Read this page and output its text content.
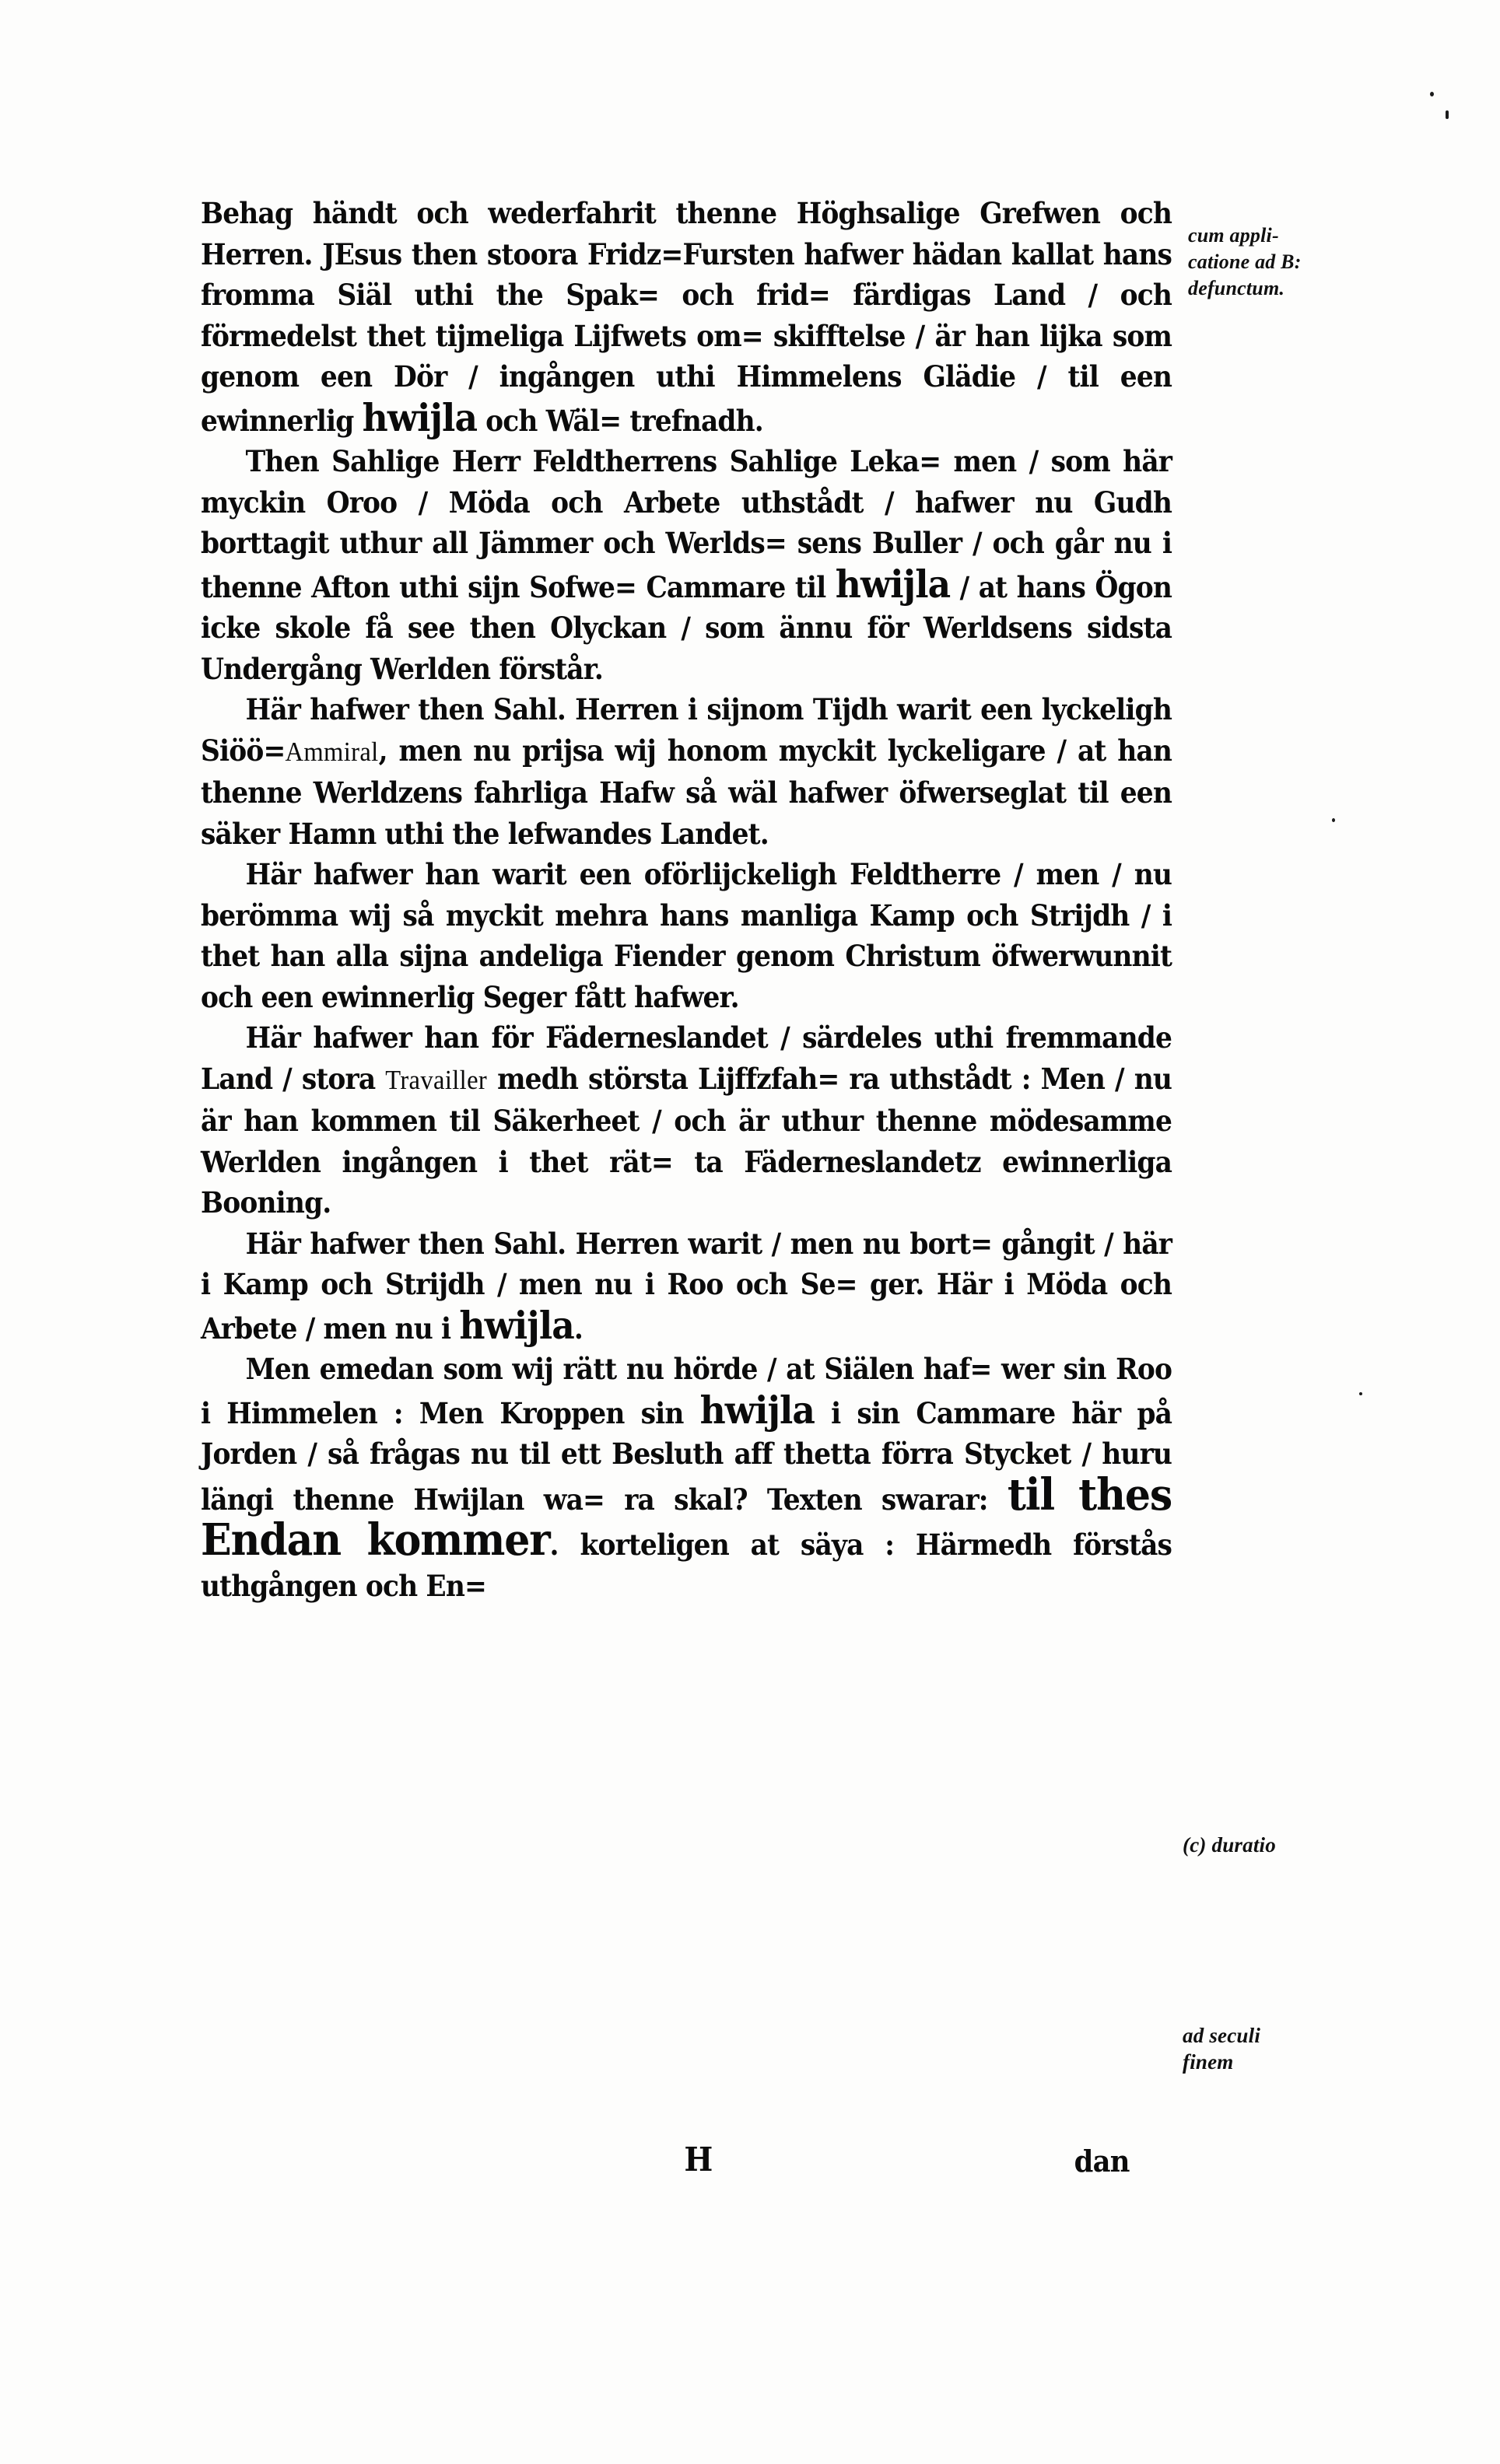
Behag händt och wederfahrit thenne Höghsalige Grefwen och Herren. JEsus then stoora Fridz=Fursten hafwer hädan kallat hans fromma Siäl uthi the Spak= och frid= färdigas Land / och förmedelst thet tijmeliga Lijfwets om= skifftelse / är han lijka som genom een Dör / ingången uthi Himmelens Glädie / til een ewinnerlig hwijla och Wäl= trefnadh.

Then Sahlige Herr Feldtherrens Sahlige Leka= men / som här myckin Oroo / Möda och Arbete uthstådt / hafwer nu Gudh borttagit uthur all Jämmer och Werlds= sens Buller / och går nu i thenne Afton uthi sijn Sofwe= Cammare til hwijla / at hans Ögon icke skole få see then Olyckan / som ännu för Werldsens sidsta Undergång Werlden förstår.

Här hafwer then Sahl. Herren i sijnom Tijdh warit een lyckeligh Siöö=Ammiral, men nu prijsa wij honom myckit lyckeligare / at han thenne Werldzens fahrliga Hafw så wäl hafwer öfwerseglat til een säker Hamn uthi the lefwandes Landet.

Här hafwer han warit een oförlijckeligh Feldtherre / men / nu berömma wij så myckit mehra hans manliga Kamp och Strijdh / i thet han alla sijna andeliga Fiender genom Christum öfwerwunnit och een ewinnerlig Seger fått hafwer.

Här hafwer han för Fäderneslandet / särdeles uthi fremmande Land / stora Travailler medh största Lijffzfah= ra uthstådt : Men / nu är han kommen til Säkerheet / och är uthur thenne mödesamme Werlden ingången i thet rät= ta Fäderneslandetz ewinnerliga Booning.

Här hafwer then Sahl. Herren warit / men nu bort= gångit / här i Kamp och Strijdh / men nu i Roo och Se= ger. Här i Möda och Arbete / men nu i hwijla.

Men emedan som wij rätt nu hörde / at Siälen haf= wer sin Roo i Himmelen : Men Kroppen sin hwijla i sin Cammare här på Jorden / så frågas nu til ett Besluth aff thetta förra Stycket / huru längi thenne Hwijlan wa= ra skal? Texten swarar: til thes Endan kommer. korteligen at säya : Härmedh förstås uthgången och En=

cum appli-
catione ad B:
defunctum.
(c) duratio
ad seculi
finem
H	dan
